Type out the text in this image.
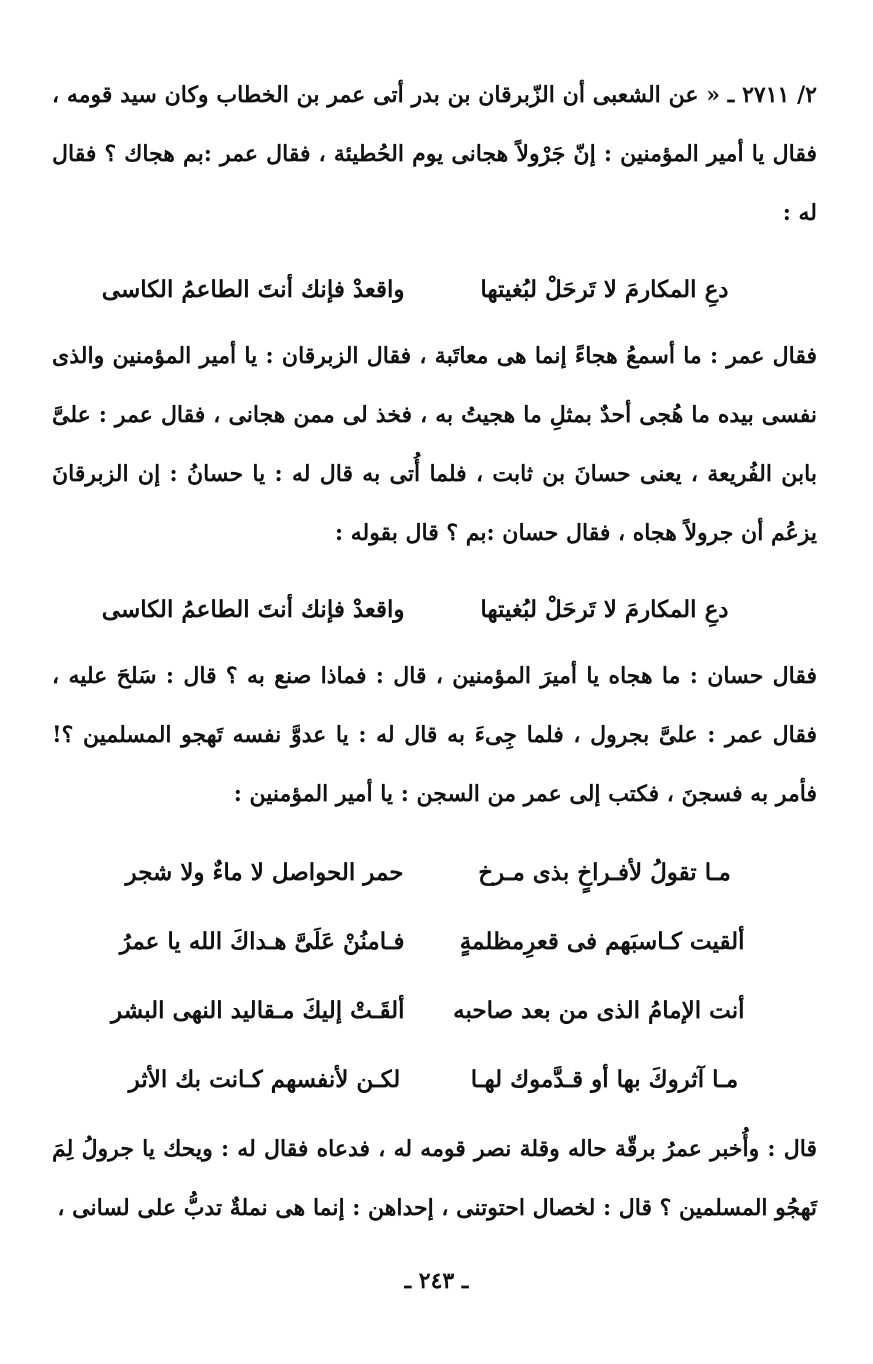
٢/ ٢٧١١ ـ « عن الشعبى أن الزّبرقان بن بدر أتى عمر بن الخطاب وكان سيد قومه ، فقال يا أمير المؤمنين : إنّ جَرْولاً هجانى يوم الحُطيئة ، فقال عمر :بم هجاك ؟ فقال له :

دعِ المكارمَ لا تَرحَلْ لبُغيتها
واقعدْ فإنك أنتَ الطاعمُ الكاسى

فقال عمر : ما أسمعُ هجاءً إنما هى معاتَبة ، فقال الزبرقان : يا أمير المؤمنين والذى نفسى بيده ما هُجى أحدٌ بمثلِ ما هجيتُ به ، فخذ لى ممن هجانى ، فقال عمر : علىَّ بابن الفُريعة ، يعنى حسانَ بن ثابت ، فلما أُتى به قال له : يا حسانُ : إن الزبرقانَ يزعُم أن جرولاً هجاه ، فقال حسان :بم ؟ قال بقوله :

دعِ المكارمَ لا تَرحَلْ لبُغيتها
واقعدْ فإنك أنتَ الطاعمُ الكاسى

فقال حسان : ما هجاه يا أميرَ المؤمنين ، قال : فماذا صنع به ؟ قال : سَلحَ عليه ، فقال عمر : علىَّ بجرول ، فلما جِىءَ به قال له : يا عدوَّ نفسه تَهجو المسلمين ؟! فأمر به فسجنَ ، فكتب إلى عمر من السجن : يا أمير المؤمنين :

مـا تقولُ لأفـراخٍ بذى مـرخ
حمر الحواصل لا ماءٌ ولا شجر
ألقيت كـاسبَهم فى قعرِمظلمةٍ
فـامنُنْ عَلَىَّ هـداكَ الله يا عمرُ
أنت الإمامُ الذى من بعد صاحبه
ألقَـتْ إليكَ مـقاليد النهى البشر
مـا آثروكَ بها أو قـدَّموك لهـا
لكـن لأنفسهم كـانت بك الأثر

قال : وأُخبر عمرُ برقّة حاله وقلة نصر قومه له ، فدعاه فقال له : ويحك يا جرولُ لِمَ تَهجُو المسلمين ؟ قال : لخصال احتوتنى ، إحداهن : إنما هى نملةٌ تدبُّ على لسانى ،

ـ ٢٤٣ ـ
